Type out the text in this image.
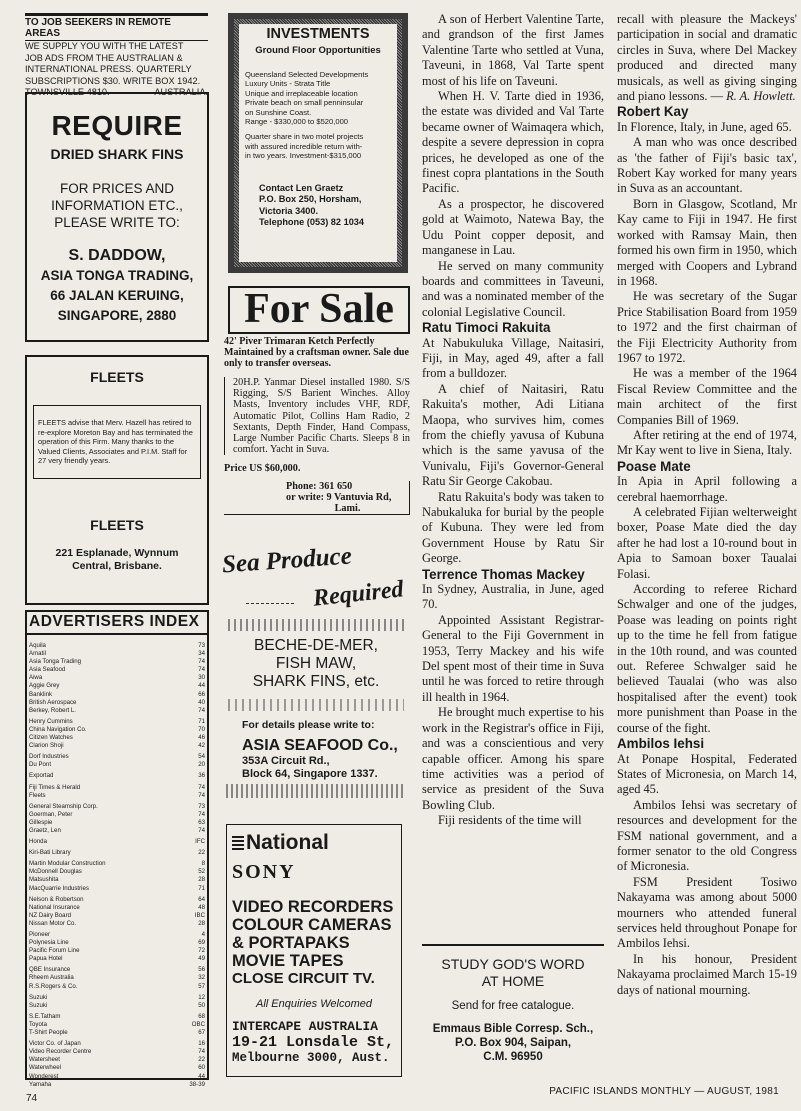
TO JOB SEEKERS IN REMOTE AREAS
WE SUPPLY YOU WITH THE LATEST
JOB ADS FROM THE AUSTRALIAN &
INTERNATIONAL PRESS. QUARTERLY
SUBSCRIPTIONS $30. WRITE BOX 1942.
TOWNSVILLE 4810.	AUSTRALIA.
REQUIRE
DRIED SHARK FINS
FOR PRICES AND
INFORMATION ETC.,
PLEASE WRITE TO:
S. DADDOW,
ASIA TONGA TRADING,
66 JALAN KERUING,
SINGAPORE, 2880
FLEETS
FLEETS advise that Merv. Hazell has retired to re-explore Moreton Bay and has terminated the operation of this Firm. Many thanks to the Valued Clients, Associates and P.I.M. Staff for 27 very friendly years.
FLEETS
221 Esplanade, Wynnum
Central, Brisbane.
ADVERTISERS INDEX
Aquila	73
Amatil	34
Asia Tonga Trading	74
Asia Seafood	74
Aiwa	30
Aggie Grey	44
Banklink	66
British Aerospace	40
Berkey, Robert L.	74
Henry Cummins	71
China Navigation Co.	70
Citizen Watches	46
Clarion Shoji	42
Dorf Industries	54
Du Pont	20
Exportad	36
Fiji Times & Herald	74
Fleets	74
General Steamship Corp.	73
Goerman, Peter	74
Gillespie	63
Graetz, Len	74
Honda	IFC
Kiri-Bati Library	22
Martin Modular Construction	8
McDonnell Douglas	52
Matsushita	28
MacQuarrie Industries	71
Nelson & Robertson	64
National Insurance	48
NZ Dairy Board	IBC
Nissan Motor Co.	28
Pioneer	4
Polynesia Line	69
Pacific Forum Line	72
Papua Hotel	49
QBE Insurance	56
Rheem Australia	32
R.S.Rogers & Co.	57
Suzuki	12
Suzuki	50
S.E.Tatham	68
Toyota	OBC
T-Shirt People	67
Victor Co. of Japan	16
Video Recorder Centre	74
Watersheet	22
Waterwheel	60
Wonderest	44
Yamaha	38-39
INVESTMENTS
Ground Floor Opportunities
Queensland Selected Developments
Luxury Units - Strata Title
Unique and irreplaceable location
Private beach on small penninsular
on Sunshine Coast.
Range - $330,000 to $520,000
Quarter share in two motel projects
with assured incredible return with-
in two years. Investment-$315,000
Contact Len Graetz
P.O. Box 250, Horsham,
Victoria 3400.
Telephone (053) 82 1034
For Sale
42' Piver Trimaran Ketch Perfectly Maintained by a craftsman owner. Sale due only to transfer overseas.
20H.P. Yanmar Diesel installed 1980. S/S Rigging, S/S Barient Winches. Alloy Masts, Inventory includes VHF, RDF, Automatic Pilot, Collins Ham Radio, 2 Sextants, Depth Finder, Hand Compass, Large Number Pacific Charts. Sleeps 8 in comfort. Yacht in Suva.
Price US $60,000.
Phone: 361 650
or write: 9 Vantuvia Rd,
Lami.
Sea Produce
Required
BECHE-DE-MER,
FISH MAW,
SHARK FINS, etc.
For details please write to:
ASIA SEAFOOD Co.,
353A Circuit Rd.,
Block 64, Singapore 1337.
National
SONY
VIDEO RECORDERS
COLOUR CAMERAS
& PORTAPAKS
MOVIE TAPES
CLOSE CIRCUIT TV.
All Enquiries Welcomed
INTERCAPE AUSTRALIA
19-21 Lonsdale St,
Melbourne 3000, Aust.

A son of Herbert Valentine Tarte, and grandson of the first James Valentine Tarte who settled at Vuna, Taveuni, in 1868, Val Tarte spent most of his life on Taveuni.

When H. V. Tarte died in 1936, the estate was divided and Val Tarte became owner of Waimaqera which, despite a severe depression in copra prices, he developed as one of the finest copra plantations in the South Pacific.

As a prospector, he discovered gold at Waimoto, Natewa Bay, the Udu Point copper deposit, and manganese in Lau.

He served on many community boards and committees in Taveuni, and was a nominated member of the colonial Legislative Council.

Ratu Timoci Rakuita

At Nabukuluka Village, Naitasiri, Fiji, in May, aged 49, after a fall from a bulldozer.

A chief of Naitasiri, Ratu Rakuita's mother, Adi Litiana Maopa, who survives him, comes from the chiefly yavusa of Kubuna which is the same yavusa of the Vunivalu, Fiji's Governor-General Ratu Sir George Cakobau.

Ratu Rakuita's body was taken to Nabukaluka for burial by the people of Kubuna. They were led from Government House by Ratu Sir George.

Terrence Thomas Mackey

In Sydney, Australia, in June, aged 70.

Appointed Assistant Registrar-General to the Fiji Government in 1953, Terry Mackey and his wife Del spent most of their time in Suva until he was forced to retire through ill health in 1964.

He brought much expertise to his work in the Registrar's office in Fiji, and was a conscientious and very capable officer. Among his spare time activities was a period of service as president of the Suva Bowling Club.

Fiji residents of the time will

STUDY GOD'S WORD
AT HOME
Send for free catalogue.
Emmaus Bible Corresp. Sch.,
P.O. Box 904, Saipan,
C.M. 96950

recall with pleasure the Mackeys' participation in social and dramatic circles in Suva, where Del Mackey produced and directed many musicals, as well as giving singing and piano lessons. — R. A. Howlett.

Robert Kay

In Florence, Italy, in June, aged 65.

A man who was once described as 'the father of Fiji's basic tax', Robert Kay worked for many years in Suva as an accountant.

Born in Glasgow, Scotland, Mr Kay came to Fiji in 1947. He first worked with Ramsay Main, then formed his own firm in 1950, which merged with Coopers and Lybrand in 1968.

He was secretary of the Sugar Price Stabilisation Board from 1959 to 1972 and the first chairman of the Fiji Electricity Authority from 1967 to 1972.

He was a member of the 1964 Fiscal Review Committee and the main architect of the first Companies Bill of 1969.

After retiring at the end of 1974, Mr Kay went to live in Siena, Italy.

Poase Mate

In Apia in April following a cerebral haemorrhage.

A celebrated Fijian welterweight boxer, Poase Mate died the day after he had lost a 10-round bout in Apia to Samoan boxer Taualai Folasi.

According to referee Richard Schwalger and one of the judges, Poase was leading on points right up to the time he fell from fatigue in the 10th round, and was counted out. Referee Schwalger said he believed Taualai (who was also hospitalised after the event) took more punishment than Poase in the course of the fight.

Ambilos Iehsi

At Ponape Hospital, Federated States of Micronesia, on March 14, aged 45.

Ambilos Iehsi was secretary of resources and development for the FSM national government, and a former senator to the old Congress of Micronesia.

FSM President Tosiwo Nakayama was among about 5000 mourners who attended funeral services held throughout Ponape for Ambilos Iehsi.

In his honour, President Nakayama proclaimed March 15-19 days of national mourning.

74
PACIFIC ISLANDS MONTHLY — AUGUST, 1981
